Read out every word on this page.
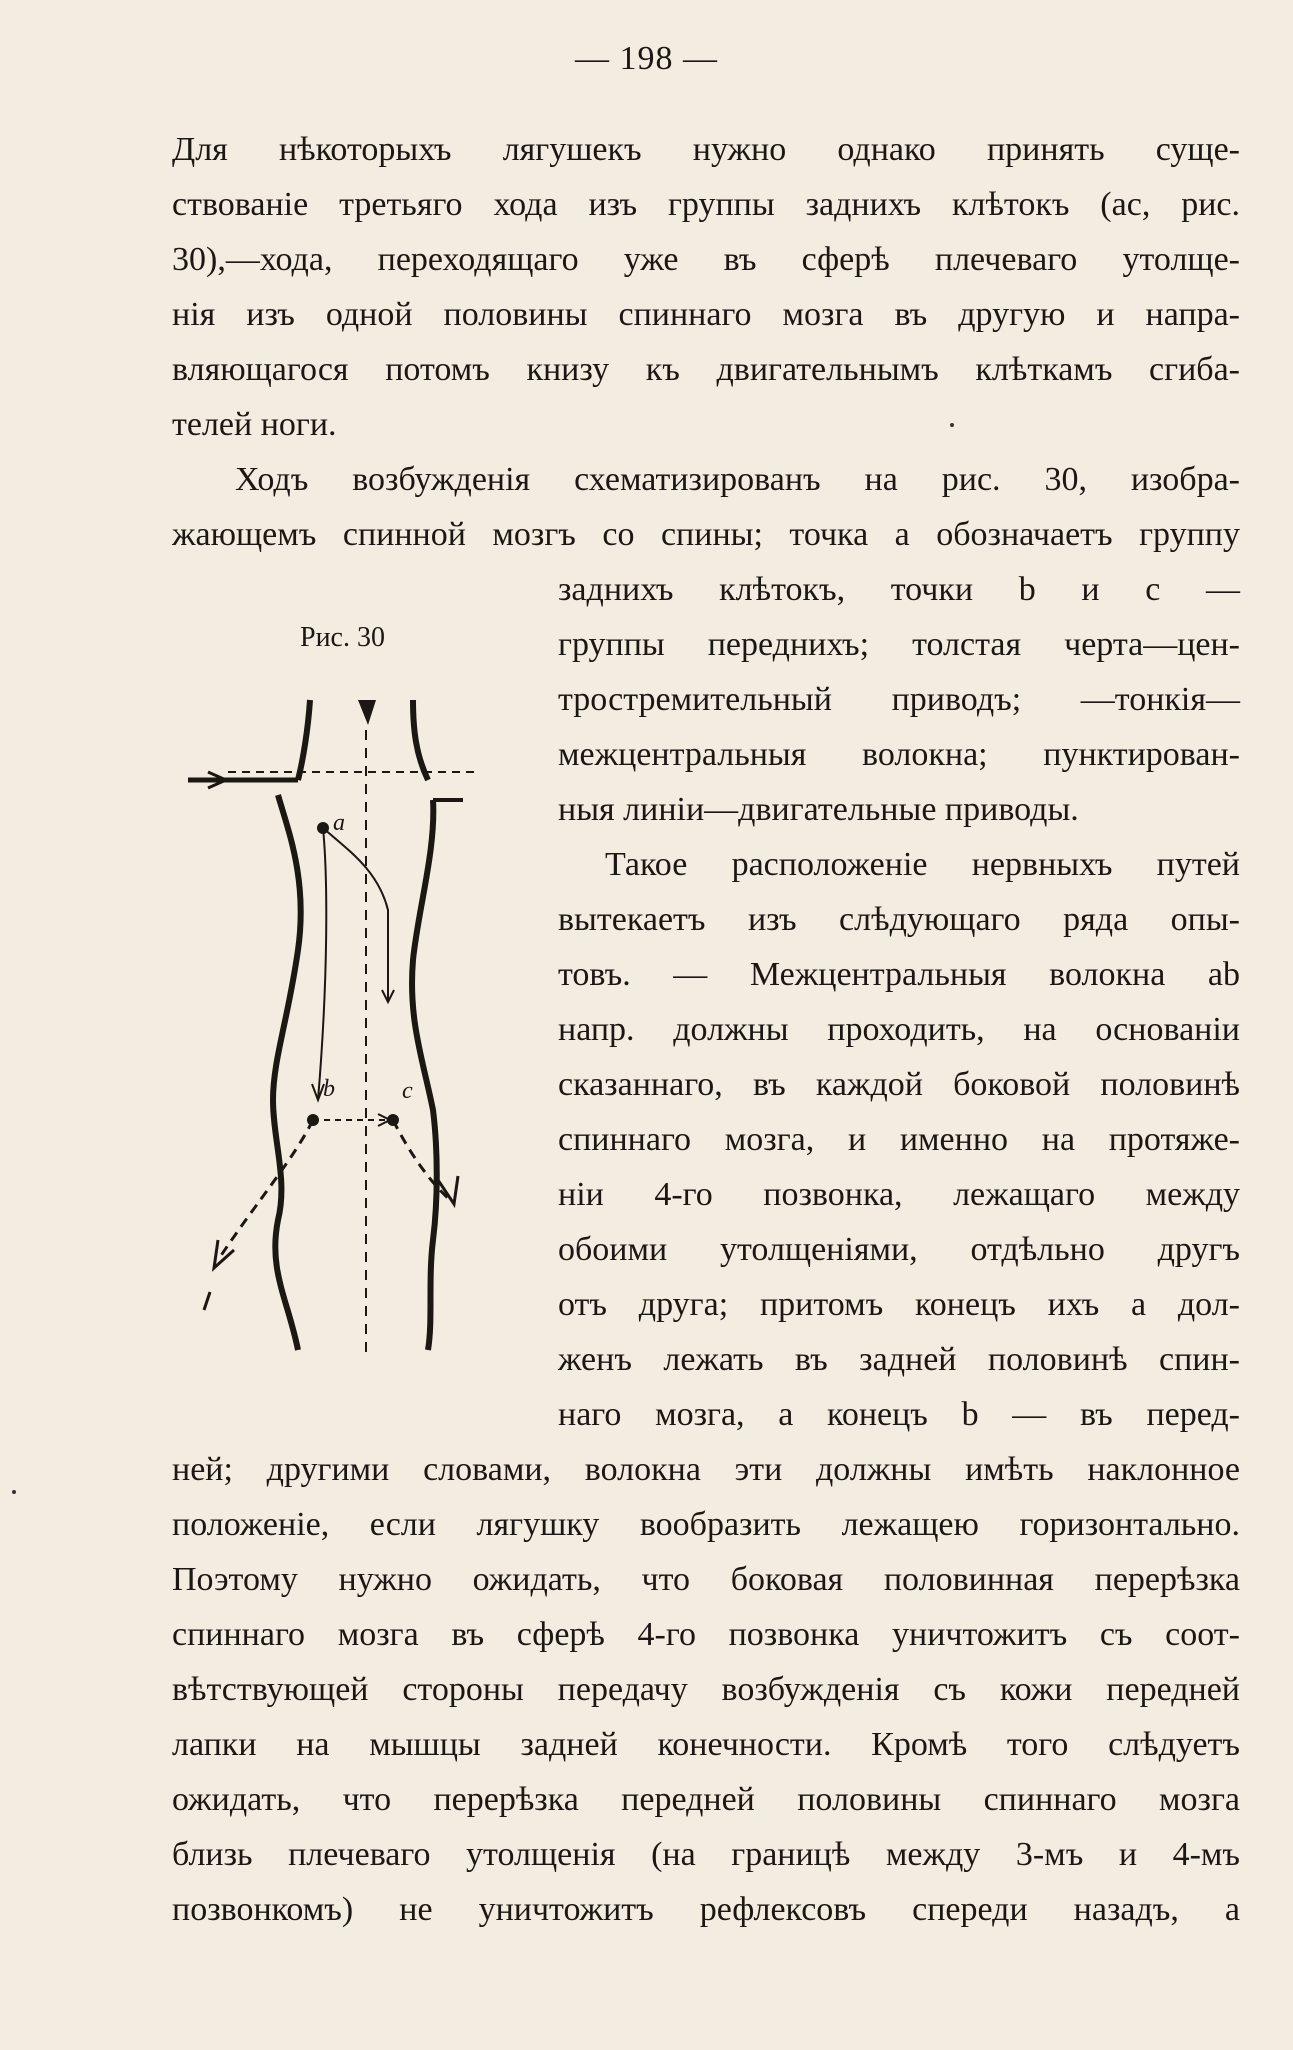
— 198 —
Для нѣкоторыхъ лягушекъ нужно однако принять суще-
ствованіе третьяго хода изъ группы заднихъ клѣтокъ (ас, рис.
30),—хода, переходящаго уже въ сферѣ плечеваго утолще-
нія изъ одной половины спиннаго мозга въ другую и напра-
вляющагося потомъ книзу къ двигательнымъ клѣткамъ сгиба-
телей ноги.
Ходъ возбужденія схематизированъ на рис. 30, изобра-
жающемъ спинной мозгъ со спины; точка а обозначаетъ группу
заднихъ клѣтокъ, точки b и с —
группы переднихъ; толстая черта—цен-
тростремительный приводъ; —тонкія—
межцентральныя волокна; пунктирован-
ныя линіи—двигательные приводы.
Такое расположеніе нервныхъ путей
вытекаетъ изъ слѣдующаго ряда опы-
товъ. — Межцентральныя волокна ab
напр. должны проходить, на основаніи
сказаннаго, въ каждой боковой половинѣ
спиннаго мозга, и именно на протяже-
ніи 4-го позвонка, лежащаго между
обоими утолщеніями, отдѣльно другъ
отъ друга; притомъ конецъ ихъ а дол-
женъ лежать въ задней половинѣ спин-
наго мозга, а конецъ b — въ перед-
ней; другими словами, волокна эти должны имѣть наклонное
положеніе, если лягушку вообразить лежащею горизонтально.
Поэтому нужно ожидать, что боковая половинная перерѣзка
спиннаго мозга въ сферѣ 4-го позвонка уничтожитъ съ соот-
вѣтствующей стороны передачу возбужденія съ кожи передней
лапки на мышцы задней конечности. Кромѣ того слѣдуетъ
ожидать, что перерѣзка передней половины спиннаго мозга
близь плечеваго утолщенія (на границѣ между 3-мъ и 4-мъ
позвонкомъ) не уничтожитъ рефлексовъ спереди назадъ, а
Рис. 30
a
b	c
